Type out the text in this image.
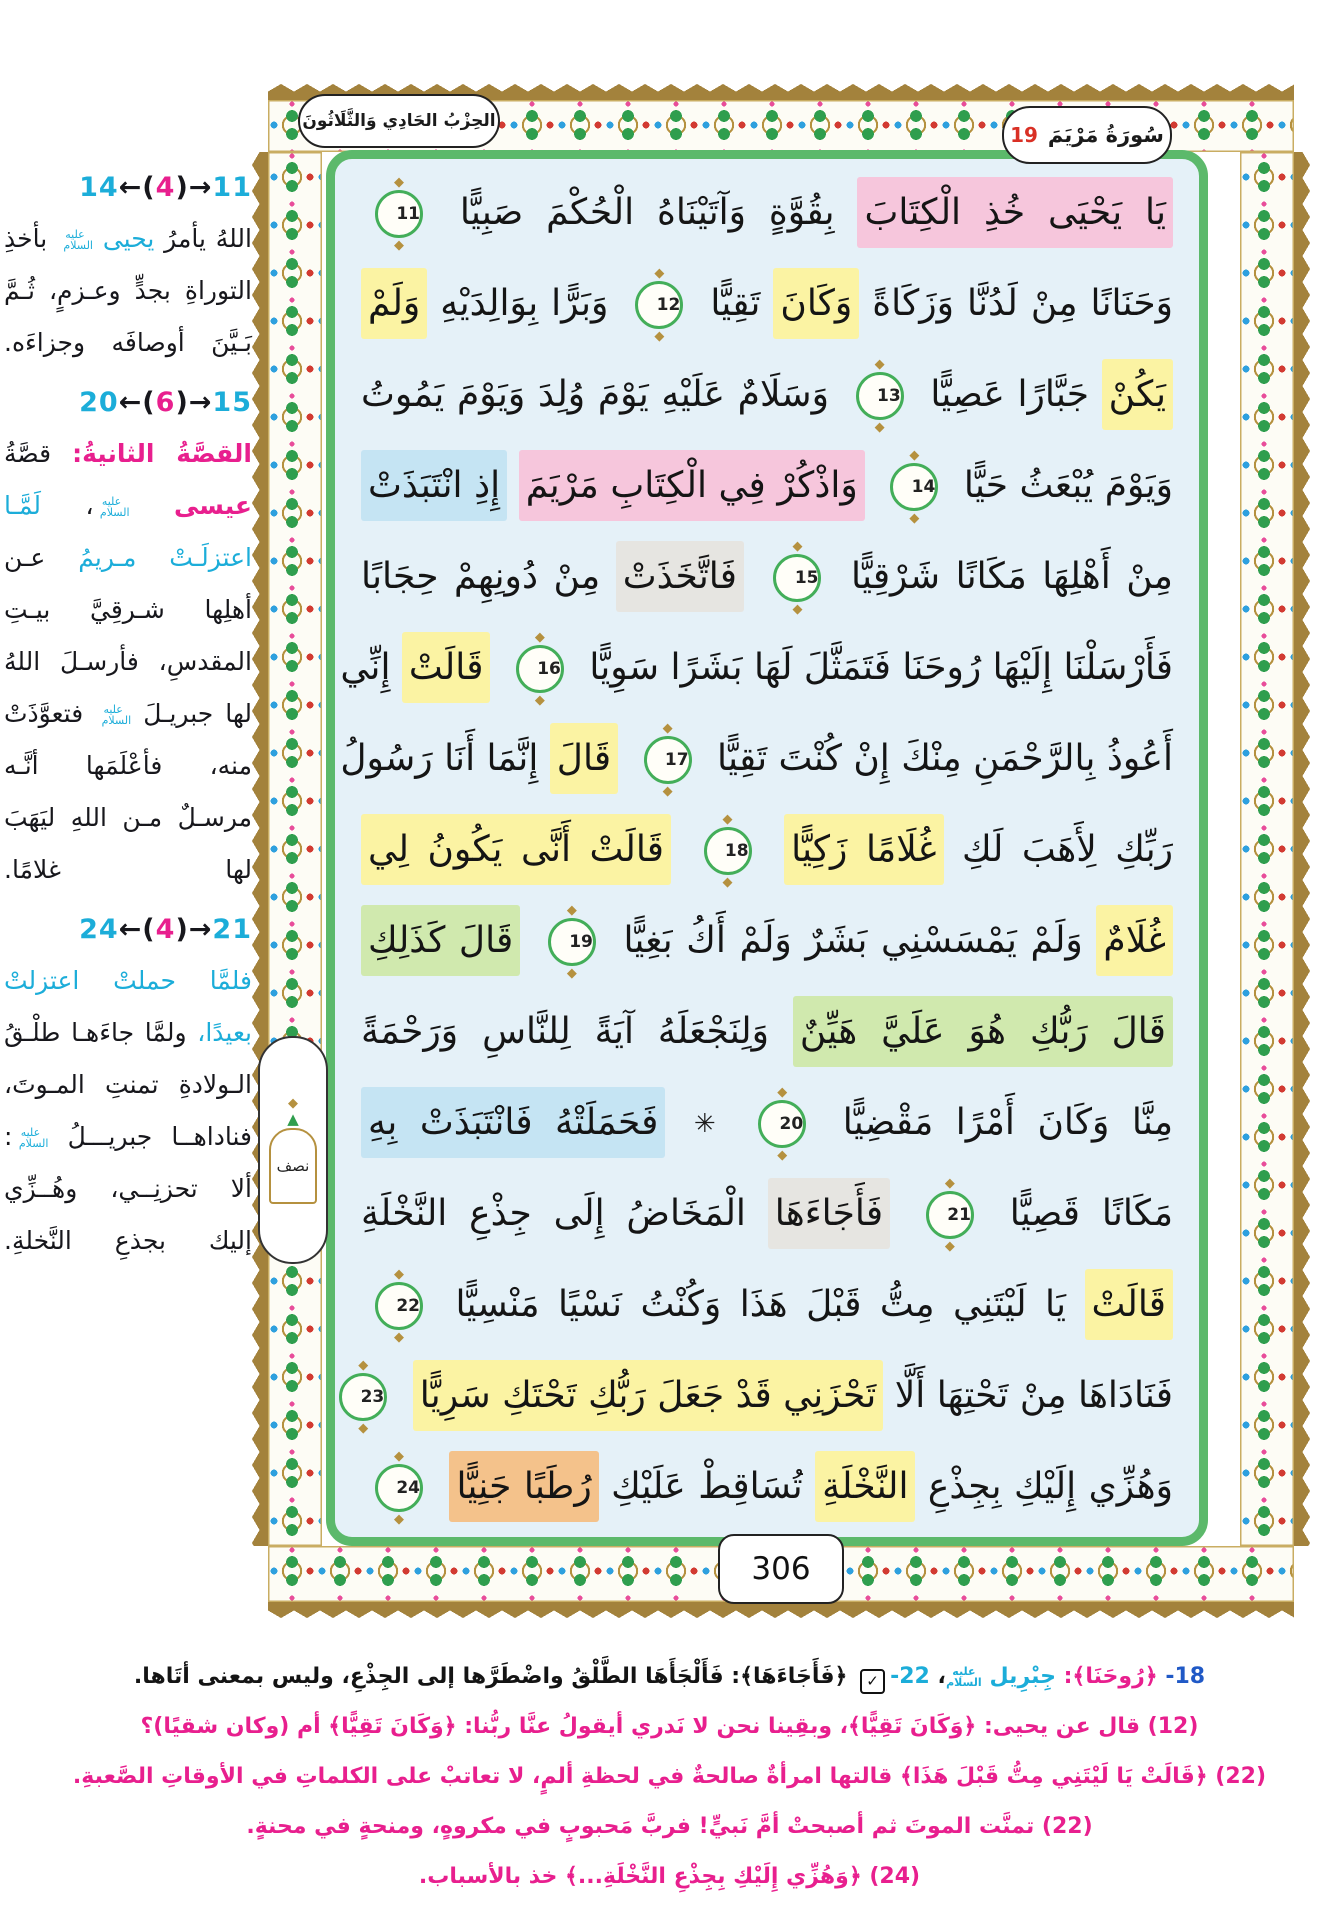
14←(4)→11

اللهُ يأمرُ يحيى عليه السلام بأخذِ التوراةِ بجدٍّ وعـزمٍ، ثُـمَّ بَـيَّنَ أوصافَه وجزاءَه.

20←(6)→15

القصَّةُ الثانيةُ: قصَّةُ عيسى عليه السلام، لَمَّـا اعتزلَـتْ مـريمُ عـن أهلِها شـرقِيَّ بيـتِ المقدسِ، فأرسـلَ اللهُ لها جبريـلَ عليه السلام فتعوَّذَتْ منه، فأعْلَمَها أنَّـه مرسـلٌ مـن اللهِ ليَهَبَ لها غلامًا.

24←(4)→21

فلمَّا حملتْ اعتزلتْ بعيدًا، ولمَّا جاءَهـا طلْـقُ الـولادةِ تمنتِ المـوتَ، فناداهــا جبريـــلُ عليه السلام: ألا تحزنِــي، وهُــزِّي إليك بجذعِ النَّخلةِ.

الحِزْبُ الحَادِي وَالثَّلَاثُونَ
سُورَةُ مَرْيَمَ
19
306
◆
▲
نصف
يَا يَحْيَى خُذِ الْكِتَابَ بِقُوَّةٍ وَآتَيْنَاهُ الْحُكْمَ صَبِيًّا
◆ 11
◆
وَحَنَانًا مِنْ لَدُنَّا وَزَكَاةً وَكَانَ تَقِيًّا
◆ 12
◆ وَبَرًّا بِوَالِدَيْهِ وَلَمْ
يَكُنْ جَبَّارًا عَصِيًّا
◆ 13
◆ وَسَلَامٌ عَلَيْهِ يَوْمَ وُلِدَ وَيَوْمَ يَمُوتُ
وَيَوْمَ يُبْعَثُ حَيًّا
◆ 14
◆ وَاذْكُرْ فِي الْكِتَابِ مَرْيَمَ إِذِ انْتَبَذَتْ
مِنْ أَهْلِهَا مَكَانًا شَرْقِيًّا
◆ 15
◆ فَاتَّخَذَتْ مِنْ دُونِهِمْ حِجَابًا
فَأَرْسَلْنَا إِلَيْهَا رُوحَنَا فَتَمَثَّلَ لَهَا بَشَرًا سَوِيًّا
◆ 16
◆ قَالَتْ إِنِّي
أَعُوذُ بِالرَّحْمَنِ مِنْكَ إِنْ كُنْتَ تَقِيًّا
◆ 17
◆ قَالَ إِنَّمَا أَنَا رَسُولُ
رَبِّكِ لِأَهَبَ لَكِ غُلَامًا زَكِيًّا
◆ 18
◆ قَالَتْ أَنَّى يَكُونُ لِي
غُلَامٌ وَلَمْ يَمْسَسْنِي بَشَرٌ وَلَمْ أَكُ بَغِيًّا
◆ 19
◆ قَالَ كَذَلِكِ
قَالَ رَبُّكِ هُوَ عَلَيَّ هَيِّنٌ وَلِنَجْعَلَهُ آيَةً لِلنَّاسِ وَرَحْمَةً
مِنَّا وَكَانَ أَمْرًا مَقْضِيًّا
◆ 20
◆ ✳ فَحَمَلَتْهُ فَانْتَبَذَتْ بِهِ
مَكَانًا قَصِيًّا
◆ 21
◆ فَأَجَاءَهَا الْمَخَاضُ إِلَى جِذْعِ النَّخْلَةِ
قَالَتْ يَا لَيْتَنِي مِتُّ قَبْلَ هَذَا وَكُنْتُ نَسْيًا مَنْسِيًّا
◆ 22
◆
فَنَادَاهَا مِنْ تَحْتِهَا أَلَّا تَحْزَنِي قَدْ جَعَلَ رَبُّكِ تَحْتَكِ سَرِيًّا
◆ 23
◆
وَهُزِّي إِلَيْكِ بِجِذْعِ النَّخْلَةِ تُسَاقِطْ عَلَيْكِ رُطَبًا جَنِيًّا
◆ 24
◆
18- ﴿رُوحَنَا﴾: جِبْرِيل عليه السلام، 22-
✓
﴿فَأَجَاءَهَا﴾: فَأَلْجَأَهَا الطَّلْقُ واضْطَرَّها إلى الجِذْعِ، وليس بمعنى أتَاها.
(12) قال عن يحيى: ﴿وَكَانَ تَقِيًّا﴾، وبقِينا نحن لا نَدري أيقولُ عنَّا ربُّنا: ﴿وَكَانَ تَقِيًّا﴾ أم (وكان شقيًا)؟
(22) ﴿قَالَتْ يَا لَيْتَنِي مِتُّ قَبْلَ هَذَا﴾ قالتها امرأةٌ صالحةٌ في لحظةِ ألمٍ، لا تعاتبْ على الكلماتِ في الأوقاتِ الصَّعبةِ.
(22) تمنَّت الموتَ ثم أصبحتْ أمَّ نَبيٍّ! فربَّ مَحبوبٍ في مكروهٍ، ومنحةٍ في محنةٍ.
(24) ﴿وَهُزِّي إِلَيْكِ بِجِذْعِ النَّخْلَةِ...﴾ خذ بالأسباب.
